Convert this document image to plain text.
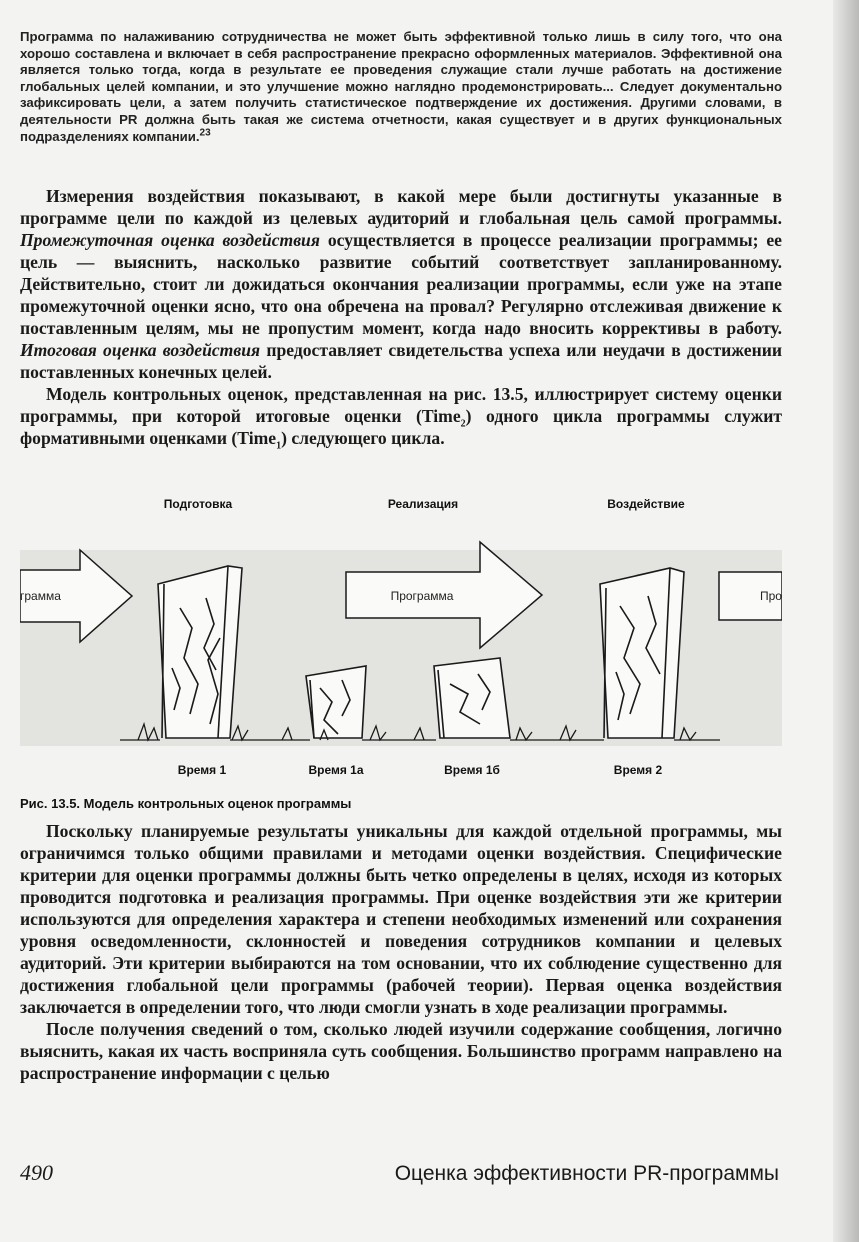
Программа по налаживанию сотрудничества не может быть эффективной только лишь в силу того, что она хорошо составлена и включает в себя распространение прекрасно оформленных материалов. Эффективной она является только тогда, когда в результате ее проведения служащие стали лучше работать на достижение глобальных целей компании, и это улучшение можно наглядно продемонстрировать... Следует документально зафиксировать цели, а затем получить статистическое подтверждение их достижения. Другими словами, в деятельности PR должна быть такая же система отчетности, какая существует и в других функциональных подразделениях компании.$^{23}$

Измерения воздействия показывают, в какой мере были достигнуты указанные в программе цели по каждой из целевых аудиторий и глобальная цель самой программы. Промежуточная оценка воздействия осуществляется в процессе реализации программы; ее цель — выяснить, насколько развитие событий соответствует запланированному. Действительно, стоит ли дожидаться окончания реализации программы, если уже на этапе промежуточной оценки ясно, что она обречена на провал? Регулярно отслеживая движение к поставленным целям, мы не пропустим момент, когда надо вносить коррективы в работу. Итоговая оценка воздействия предоставляет свидетельства успеха или неудачи в достижении поставленных конечных целей.

Модель контрольных оценок, представленная на рис. 13.5, иллюстрирует систему оценки программы, при которой итоговые оценки (Time$_2$) одного цикла программы служит формативными оценками (Time$_1$) следующего цикла.

Подготовка	Реализация	Воздействие
грамма	Программа	Про
Время 1	Время 1а	Время 1б	Время 2
Рис. 13.5. Модель контрольных оценок программы

Поскольку планируемые результаты уникальны для каждой отдельной программы, мы ограничимся только общими правилами и методами оценки воздействия. Специфические критерии для оценки программы должны быть четко определены в целях, исходя из которых проводится подготовка и реализация программы. При оценке воздействия эти же критерии используются для определения характера и степени необходимых изменений или сохранения уровня осведомленности, склонностей и поведения сотрудников компании и целевых аудиторий. Эти критерии выбираются на том основании, что их соблюдение существенно для достижения глобальной цели программы (рабочей теории). Первая оценка воздействия заключается в определении того, что люди смогли узнать в ходе реализации программы.

После получения сведений о том, сколько людей изучили содержание сообщения, логично выяснить, какая их часть восприняла суть сообщения. Большинство программ направлено на распространение информации с целью

490	Оценка эффективности PR-программы
